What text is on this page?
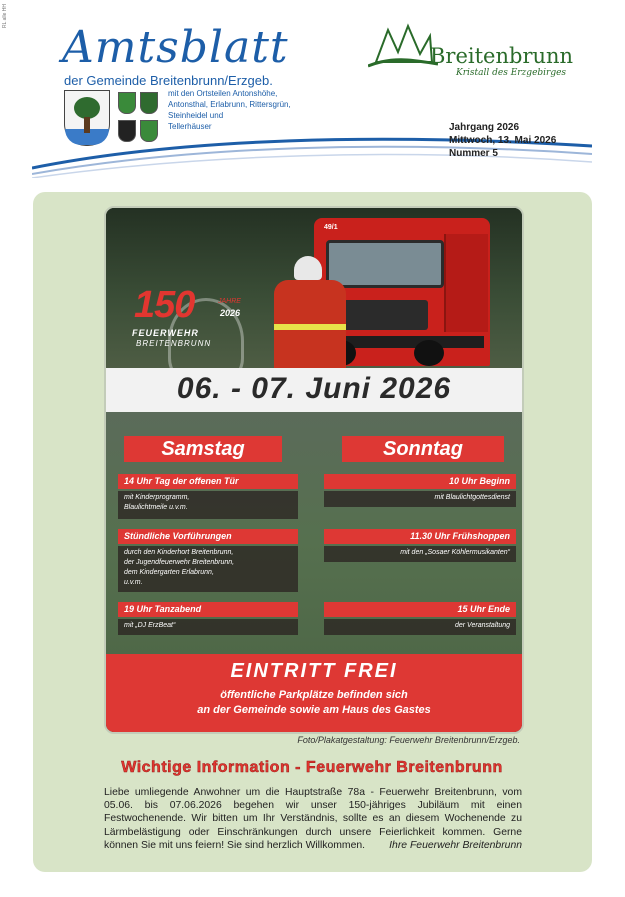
RL alle HH
Amtsblatt
der Gemeinde Breitenbrunn/Erzgeb.
mit den Ortsteilen Antonshöhe,
Antonsthal, Erlabrunn, Rittersgrün,
Steinheidel und
Tellerhäuser
Breitenbrunn
Kristall des Erzgebirges
Jahrgang 2026
Mittwoch, 13. Mai 2026
Nummer 5
49/1
150	JAHRE
2026
FEUERWEHR
BREITENBRUNN
06. - 07. Juni 2026
Samstag
14 Uhr Tag der offenen Tür
mit Kinderprogramm,
Blaulichtmeile u.v.m.
Stündliche Vorführungen
durch den Kinderhort Breitenbrunn,
der Jugendfeuerwehr Breitenbrunn,
dem Kindergarten Erlabrunn,
u.v.m.
19 Uhr Tanzabend
mit „DJ ErzBeat“
Sonntag
10 Uhr Beginn
mit Blaulichtgottesdienst
11.30 Uhr Frühshoppen
mit den „Sosaer Köhlermusikanten“
15 Uhr Ende
der Veranstaltung
EINTRITT FREI
öffentliche Parkplätze befinden sich
an der Gemeinde sowie am Haus des Gastes
Foto/Plakatgestaltung: Feuerwehr Breitenbrunn/Erzgeb.
Wichtige Information - Feuerwehr Breitenbrunn
Liebe umliegende Anwohner um die Hauptstraße 78a - Feuerwehr Breitenbrunn, vom 05.06. bis 07.06.2026 begehen wir unser 150-jähriges Jubiläum mit einen Festwochenende. Wir bitten um Ihr Verständnis, sollte es an diesem Wochenende zu Lärmbelästigung oder Einschränkungen durch unsere Feierlichkeit kommen. Gerne können Sie mit uns feiern! Sie sind herzlich Willkommen. Ihre Feuerwehr Breitenbrunn
